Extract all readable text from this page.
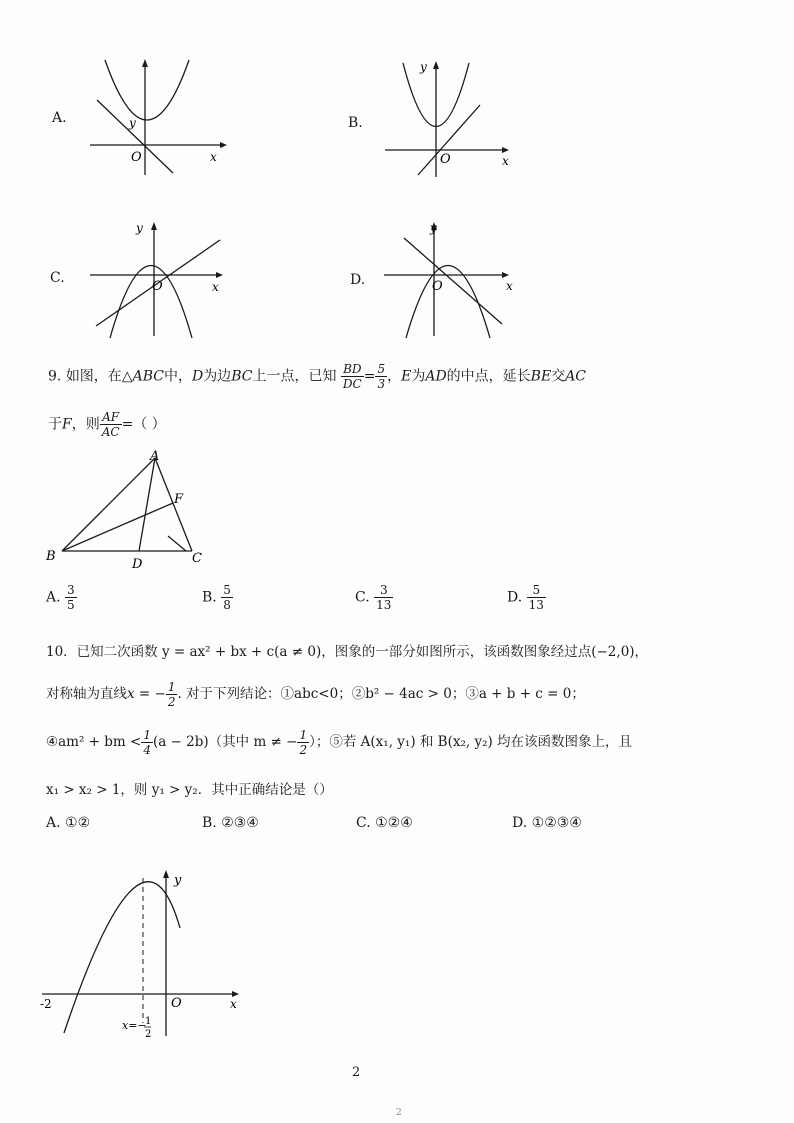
A.	y
O	x
B.
y
O	x
C.
y
O	x	D.
y
O	x
9. 如图，在△ABC中，D为边BC上一点，已知 $\frac{BD}{DC} = \frac{5}{3}$ ，E为AD的中点，延长BE交AC
于F，则 $\frac{AF}{AC}$ =（ ）
A
B	C
D
F
A. $\frac{3}{5}$	B. $\frac{5}{8}$	C. $\frac{3}{13}$	D. $\frac{5}{13}$
10．已知二次函数 y = ax² + bx + c(a ≠ 0)，图象的一部分如图所示，该函数图象经过点(−2,0)，
对称轴为直线x = − $\frac{1}{2}$ . 对于下列结论：①abc<0；②b² − 4ac > 0；③a + b + c = 0；
④am² + bm < $\frac{1}{4} (a - 2b)$（其中 m ≠ − $\frac{1}{2}$ ）；⑤若 A(x₁, y₁) 和 B(x₂, y₂) 均在该函数图象上，且
x₁ > x₂ > 1，则 y₁ > y₂．其中正确结论是（）
A. ①②	B. ②③④	C. ①②④	D. ①②③④
y
x
O
-2
x=−
1
2
2
2
